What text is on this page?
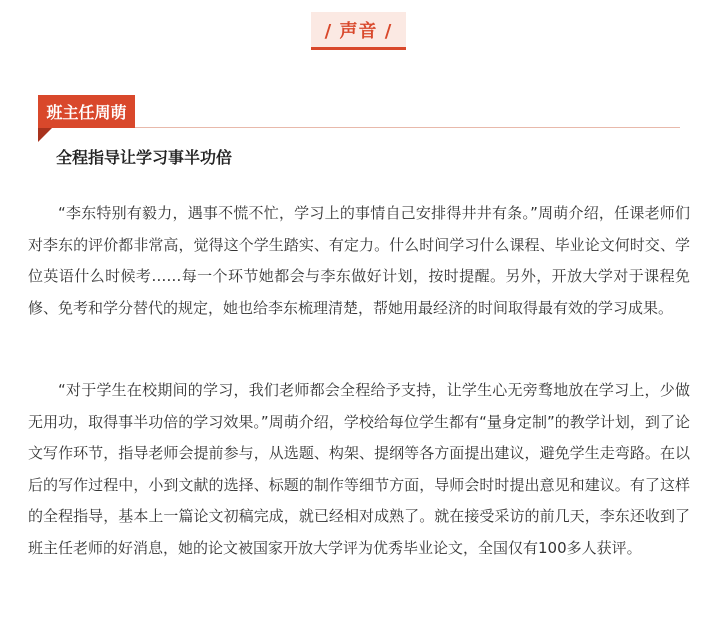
/ 声音 /
班主任周萌
全程指导让学习事半功倍

“李东特别有毅力，遇事不慌不忙，学习上的事情自己安排得井井有条。”周萌介绍，任课老师们对李东的评价都非常高，觉得这个学生踏实、有定力。什么时间学习什么课程、毕业论文何时交、学位英语什么时候考……每一个环节她都会与李东做好计划，按时提醒。另外，开放大学对于课程免修、免考和学分替代的规定，她也给李东梳理清楚，帮她用最经济的时间取得最有效的学习成果。

“对于学生在校期间的学习，我们老师都会全程给予支持，让学生心无旁骛地放在学习上，少做无用功，取得事半功倍的学习效果。”周萌介绍，学校给每位学生都有“量身定制”的教学计划，到了论文写作环节，指导老师会提前参与，从选题、构架、提纲等各方面提出建议，避免学生走弯路。在以后的写作过程中，小到文献的选择、标题的制作等细节方面，导师会时时提出意见和建议。有了这样的全程指导，基本上一篇论文初稿完成，就已经相对成熟了。就在接受采访的前几天，李东还收到了班主任老师的好消息，她的论文被国家开放大学评为优秀毕业论文，全国仅有100多人获评。
